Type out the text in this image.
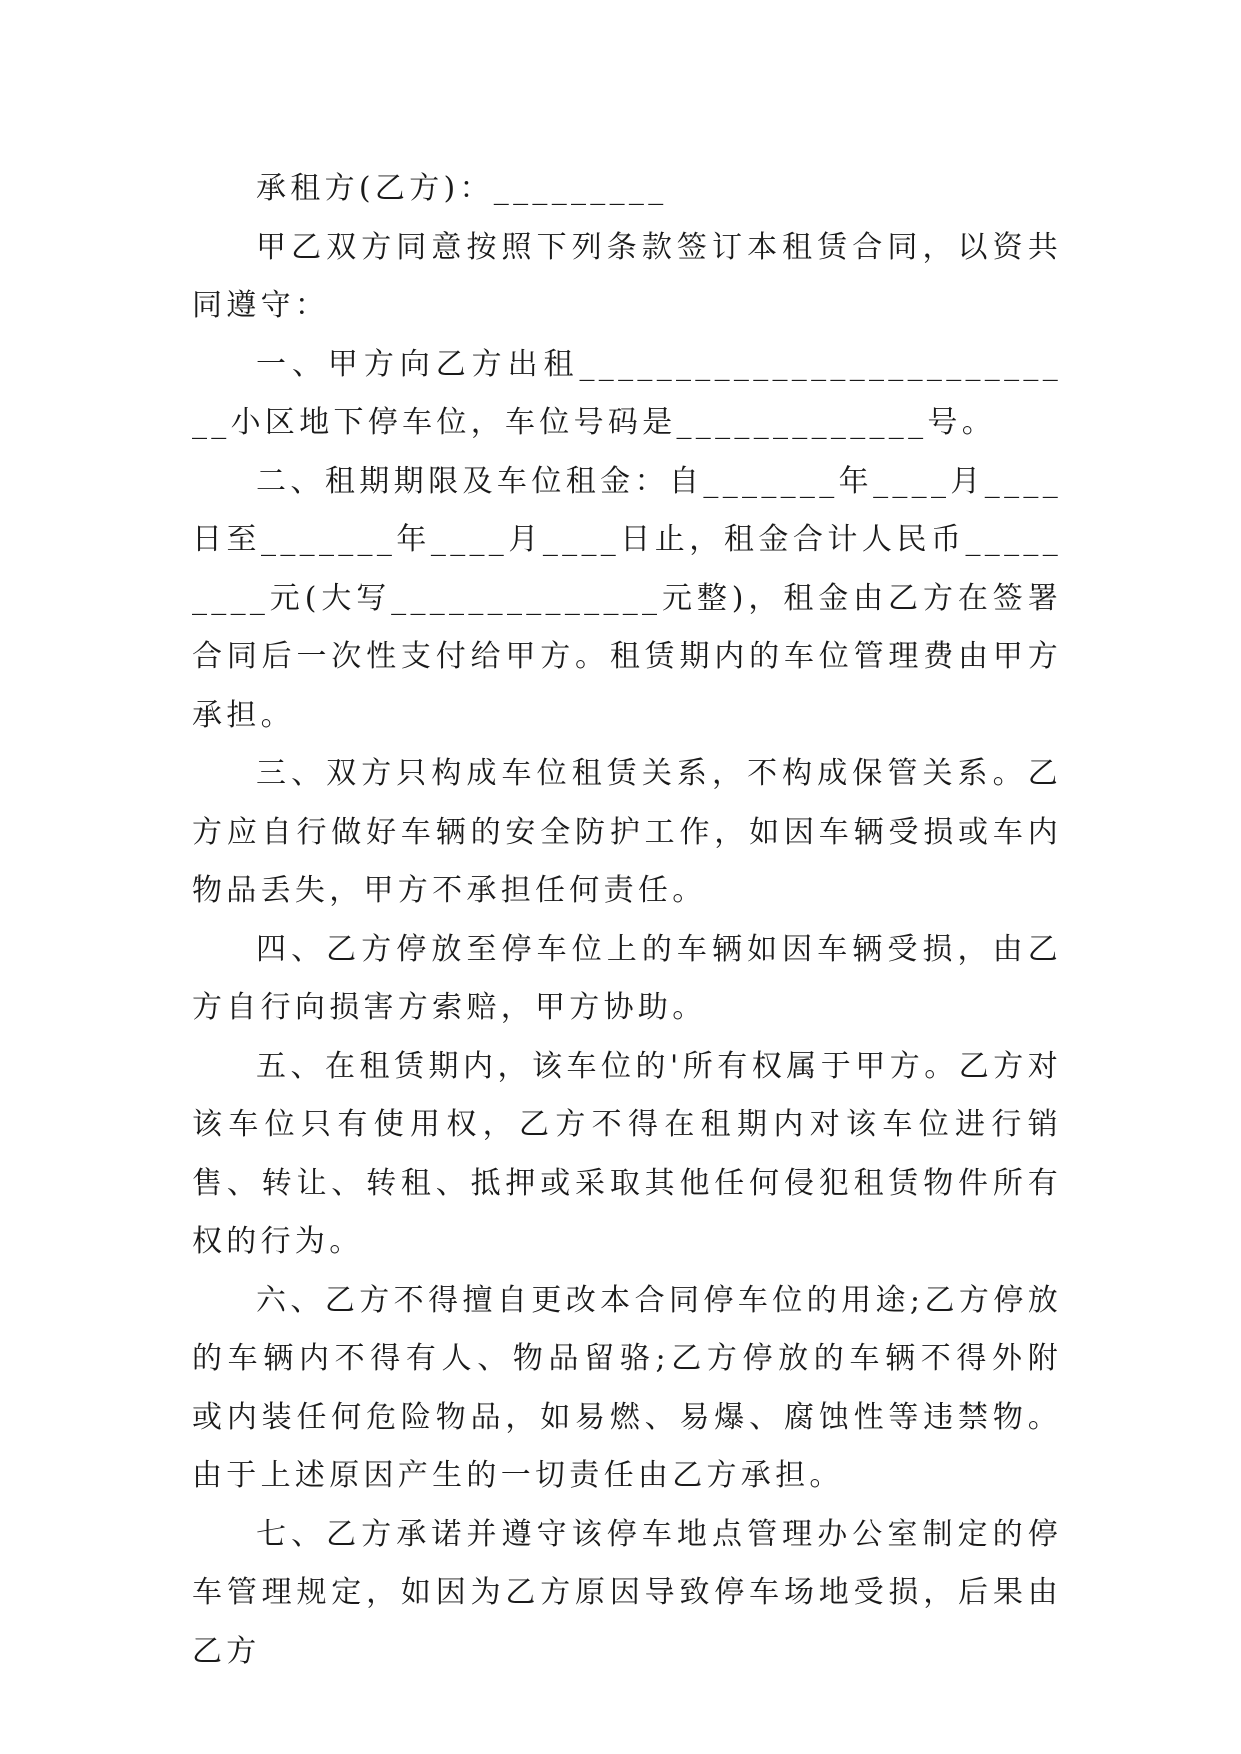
承租方(乙方)：_________

甲乙双方同意按照下列条款签订本租赁合同，以资共同遵守：

一、甲方向乙方出租___________________________小区地下停车位，车位号码是_____________号。

二、租期期限及车位租金：自_______年____月____日至_______年____月____日止，租金合计人民币_________元(大写______________元整)，租金由乙方在签署合同后一次性支付给甲方。租赁期内的车位管理费由甲方承担。

三、双方只构成车位租赁关系，不构成保管关系。乙方应自行做好车辆的安全防护工作，如因车辆受损或车内物品丢失，甲方不承担任何责任。

四、乙方停放至停车位上的车辆如因车辆受损，由乙方自行向损害方索赔，甲方协助。

五、在租赁期内，该车位的'所有权属于甲方。乙方对该车位只有使用权，乙方不得在租期内对该车位进行销售、转让、转租、抵押或采取其他任何侵犯租赁物件所有权的行为。

六、乙方不得擅自更改本合同停车位的用途;乙方停放的车辆内不得有人、物品留骆;乙方停放的车辆不得外附或内装任何危险物品，如易燃、易爆、腐蚀性等违禁物。由于上述原因产生的一切责任由乙方承担。

七、乙方承诺并遵守该停车地点管理办公室制定的停车管理规定，如因为乙方原因导致停车场地受损，后果由乙方
